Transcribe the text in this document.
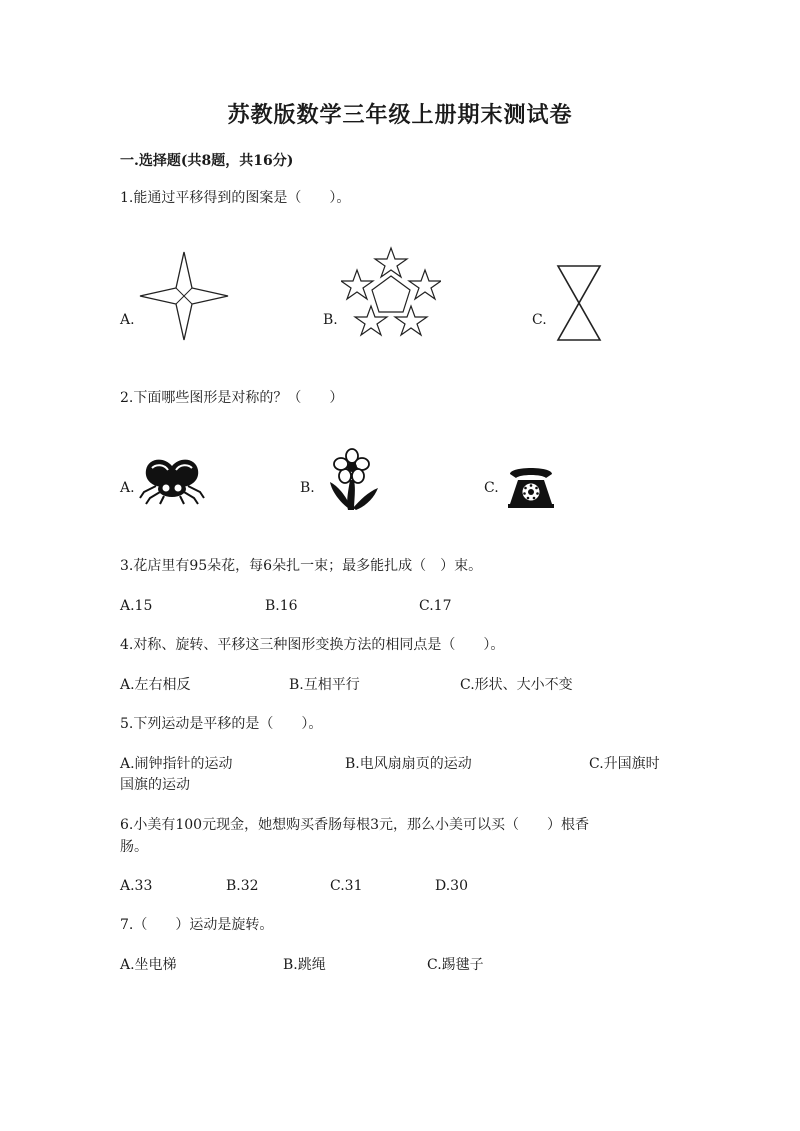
苏教版数学三年级上册期末测试卷
一.选择题(共8题，共16分)
1.能通过平移得到的图案是（　　）。
A.	B.	C.
2.下面哪些图形是对称的？（　　）
A.	B.	C.
3.花店里有95朵花，每6朵扎一束；最多能扎成（　）束。
A.15	B.16	C.17
4.对称、旋转、平移这三种图形变换方法的相同点是（　　）。
A.左右相反	B.互相平行	C.形状、大小不变
5.下列运动是平移的是（　　）。
A.闹钟指针的运动	B.电风扇扇页的运动	C.升国旗时
国旗的运动
6.小美有100元现金，她想购买香肠每根3元，那么小美可以买（　　）根香
肠。
A.33	B.32	C.31	D.30
7.（　　）运动是旋转。
A.坐电梯	B.跳绳	C.踢毽子
